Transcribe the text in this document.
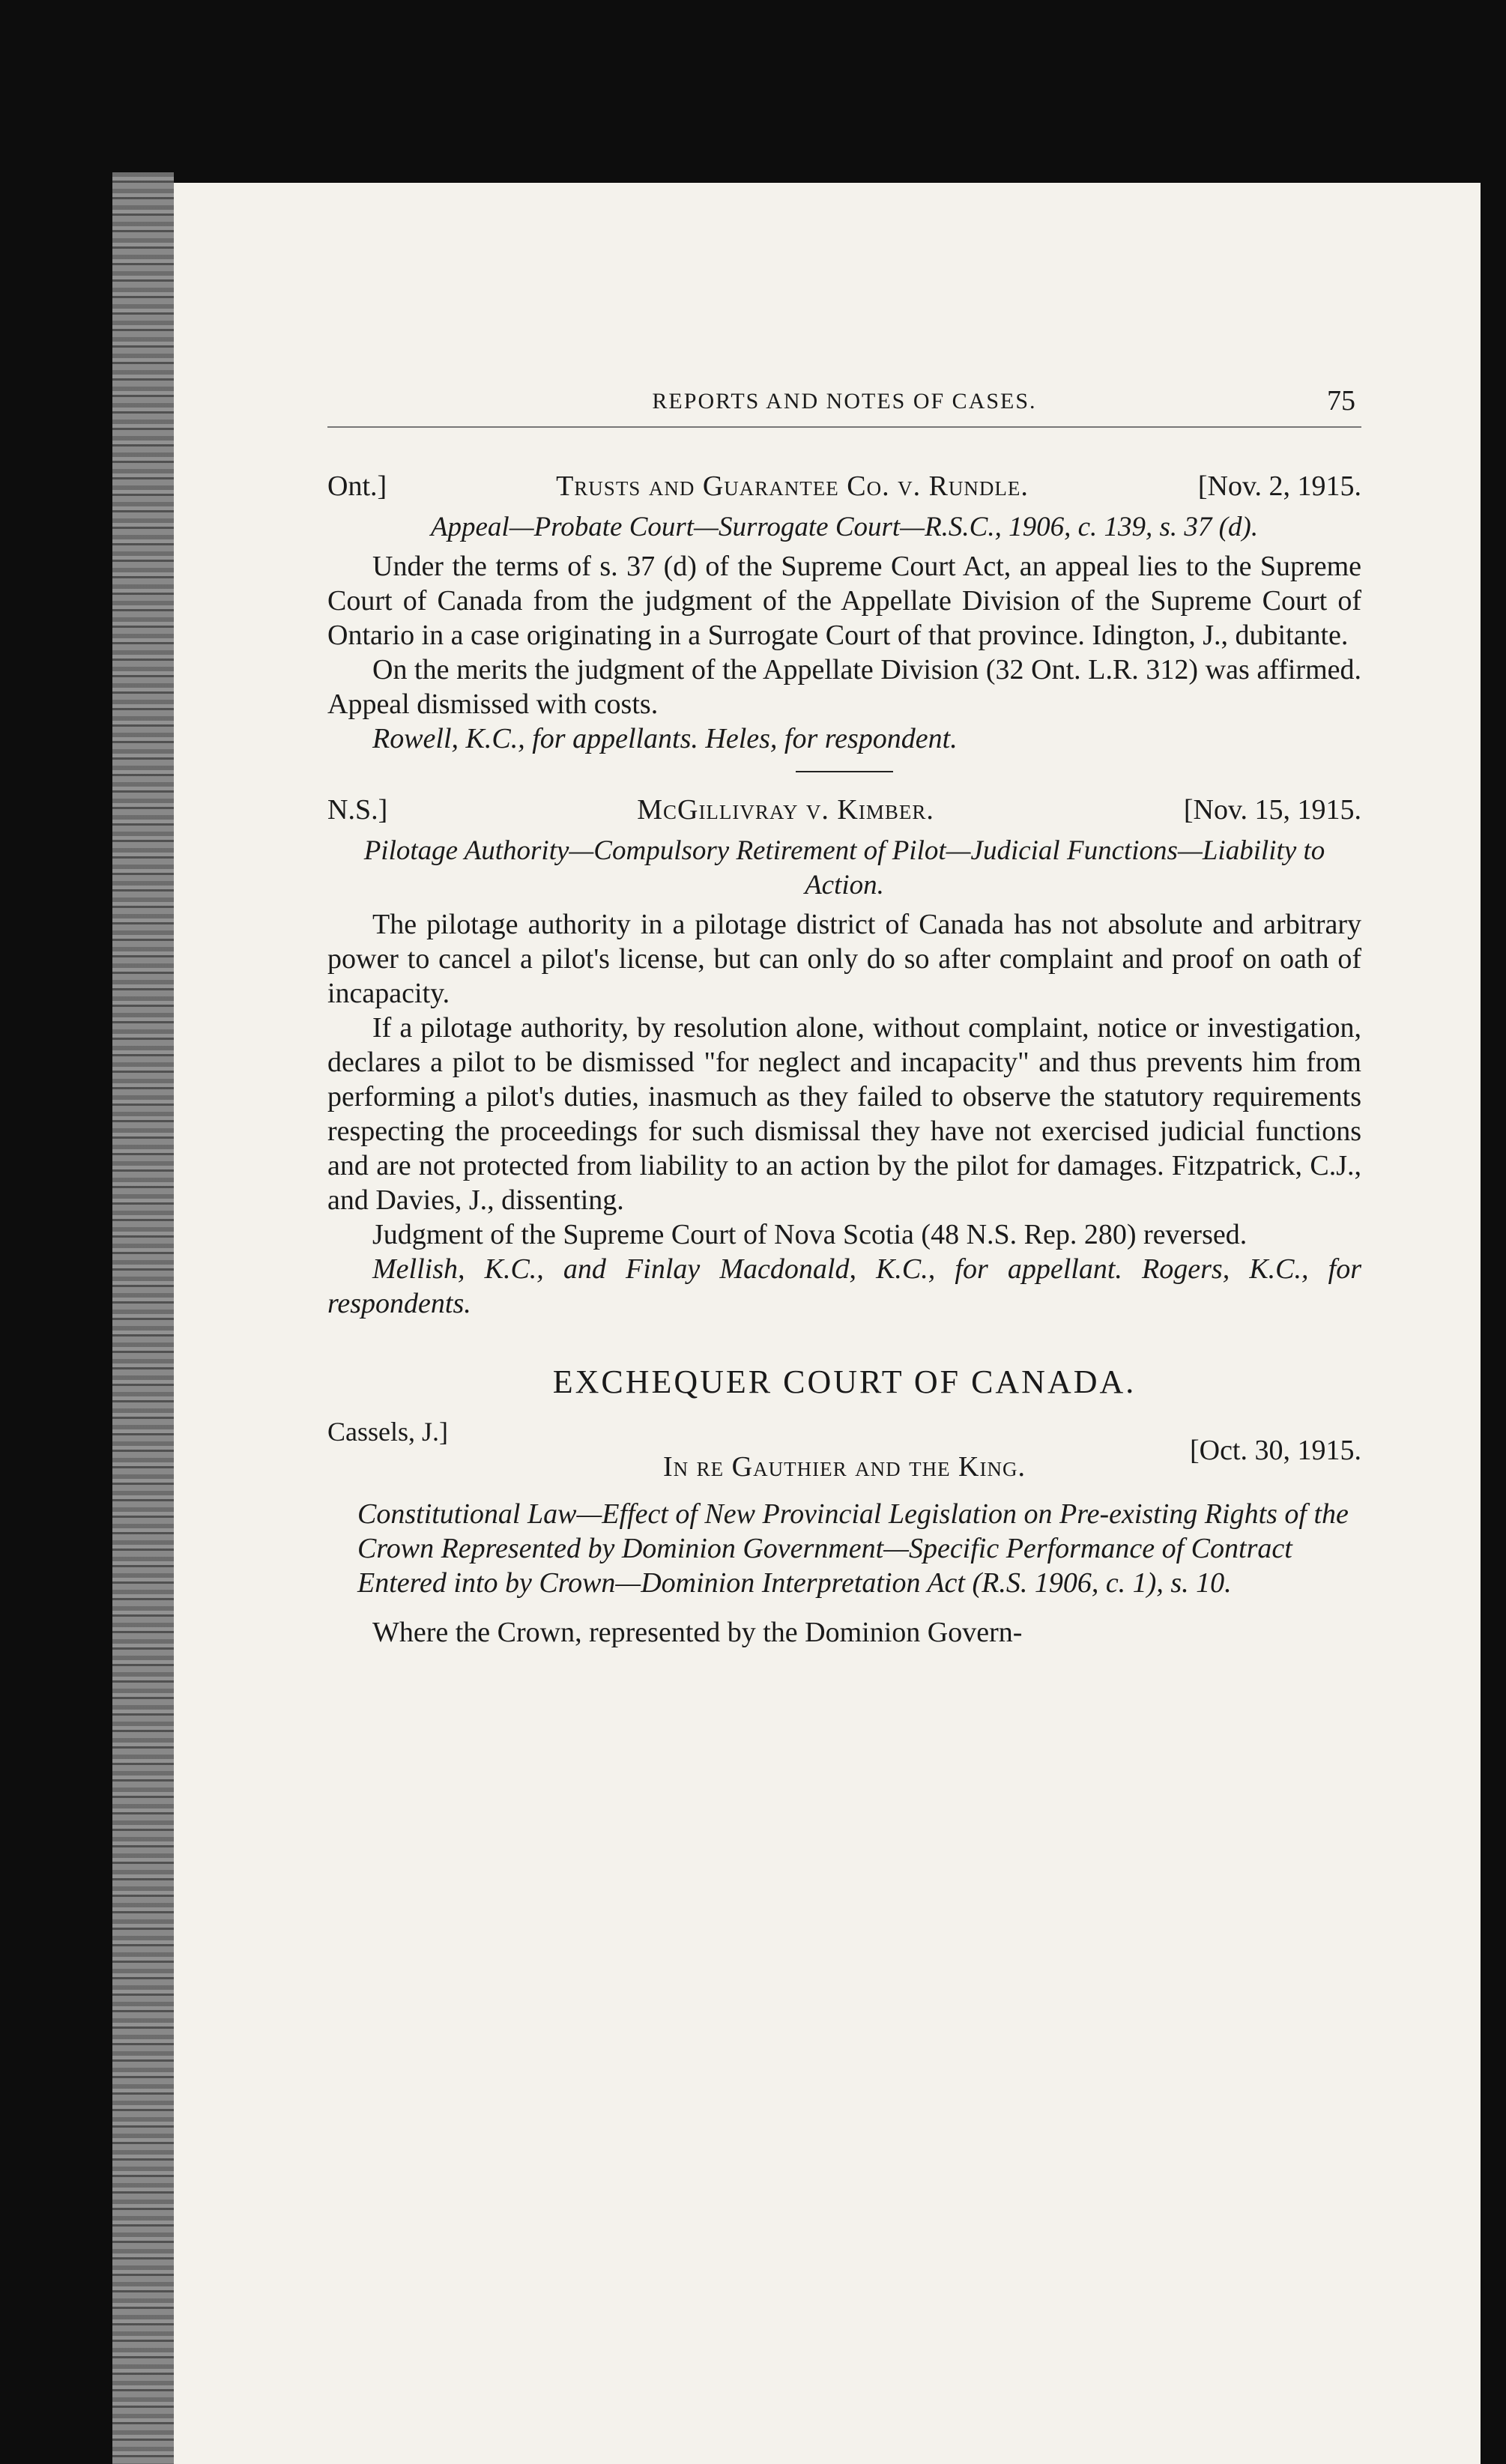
REPORTS AND NOTES OF CASES.	75
Ont.]	Trusts and Guarantee Co. v. Rundle.	[Nov. 2, 1915.
Appeal—Probate Court—Surrogate Court—R.S.C., 1906, c. 139, s. 37 (d).

Under the terms of s. 37 (d) of the Supreme Court Act, an appeal lies to the Supreme Court of Canada from the judgment of the Appellate Division of the Supreme Court of Ontario in a case originating in a Surrogate Court of that province. Idington, J., dubitante.

On the merits the judgment of the Appellate Division (32 Ont. L.R. 312) was affirmed. Appeal dismissed with costs.

Rowell, K.C., for appellants. Heles, for respondent.

N.S.]	McGillivray v. Kimber.	[Nov. 15, 1915.
Pilotage Authority—Compulsory Retirement of Pilot—Judicial Functions—Liability to Action.

The pilotage authority in a pilotage district of Canada has not absolute and arbitrary power to cancel a pilot's license, but can only do so after complaint and proof on oath of incapacity.

If a pilotage authority, by resolution alone, without complaint, notice or investigation, declares a pilot to be dismissed "for neglect and incapacity" and thus prevents him from performing a pilot's duties, inasmuch as they failed to observe the statutory requirements respecting the proceedings for such dismissal they have not exercised judicial functions and are not protected from liability to an action by the pilot for damages. Fitzpatrick, C.J., and Davies, J., dissenting.

Judgment of the Supreme Court of Nova Scotia (48 N.S. Rep. 280) reversed.

Mellish, K.C., and Finlay Macdonald, K.C., for appellant. Rogers, K.C., for respondents.

EXCHEQUER COURT OF CANADA.
Cassels, J.]
In re Gauthier and the King.
[Oct. 30, 1915.
Constitutional Law—Effect of New Provincial Legislation on Pre-existing Rights of the Crown Represented by Dominion Government—Specific Performance of Contract Entered into by Crown—Dominion Interpretation Act (R.S. 1906, c. 1), s. 10.

Where the Crown, represented by the Dominion Govern-
